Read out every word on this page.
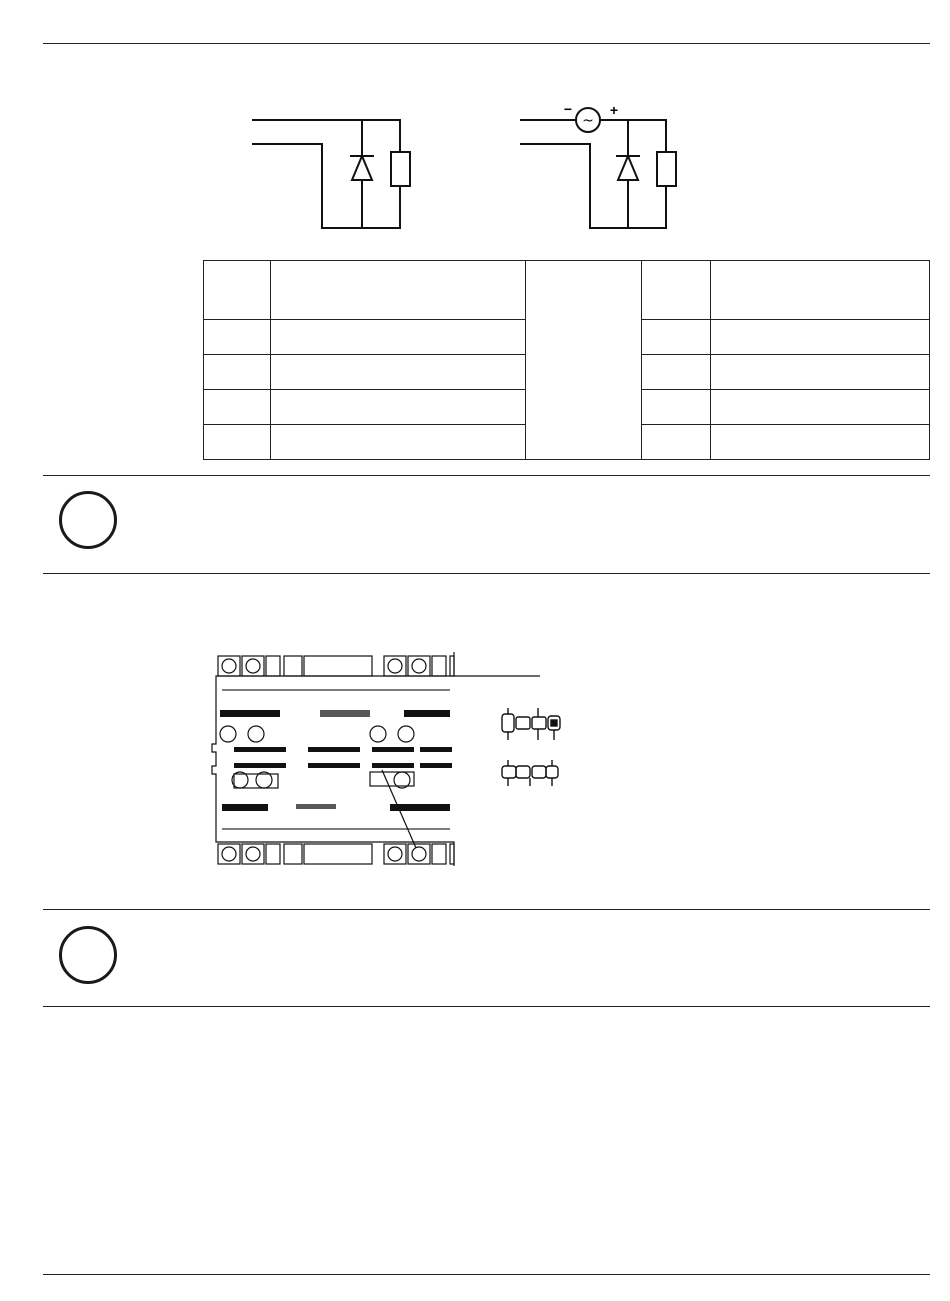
~
−	+
